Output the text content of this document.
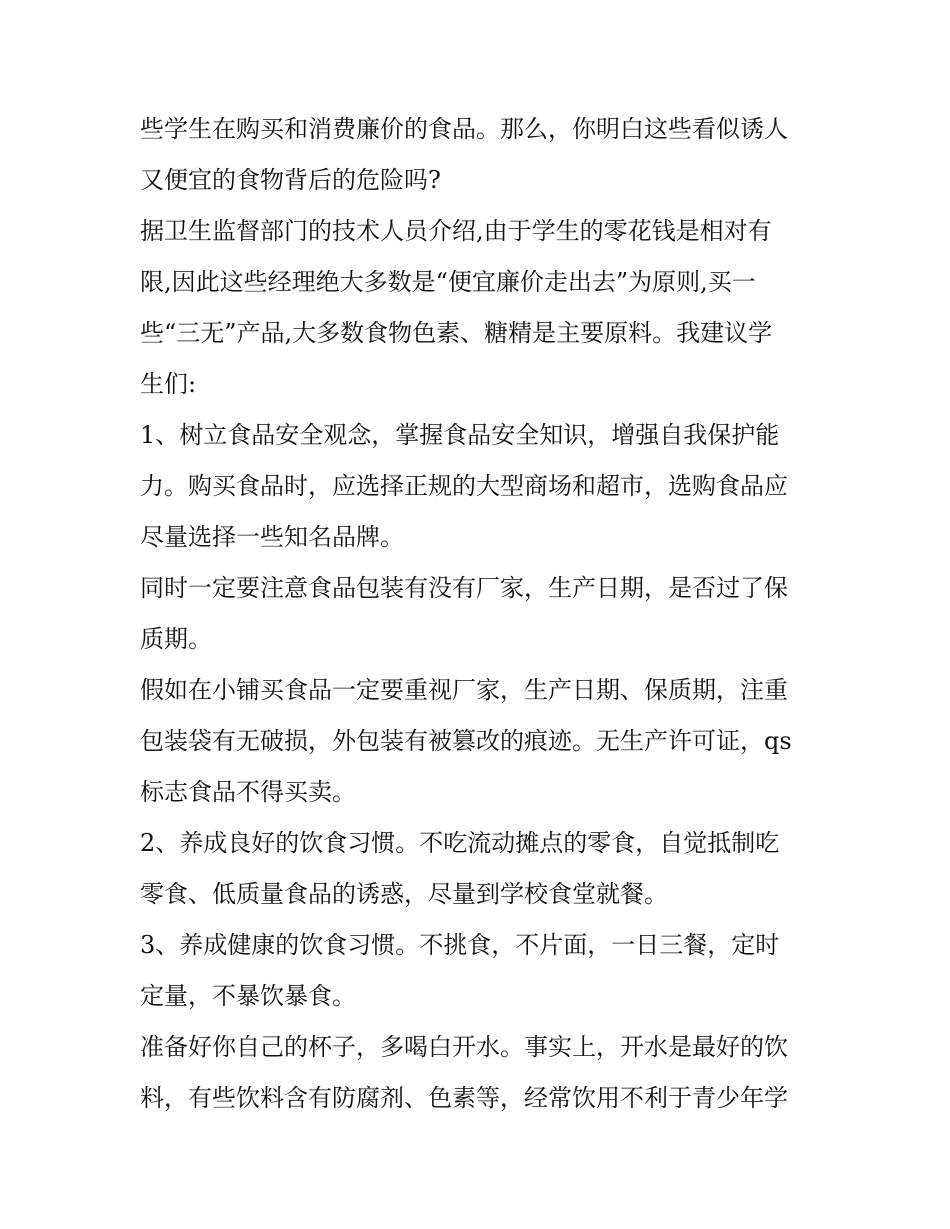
些学生在购买和消费廉价的食品。那么，你明白这些看似诱人
又便宜的食物背后的危险吗?
据卫生监督部门的技术人员介绍,由于学生的零花钱是相对有
限,因此这些经理绝大多数是“便宜廉价走出去”为原则,买一
些“三无”产品,大多数食物色素、糖精是主要原料。我建议学
生们:
1、树立食品安全观念，掌握食品安全知识，增强自我保护能
力。购买食品时，应选择正规的大型商场和超市，选购食品应
尽量选择一些知名品牌。
同时一定要注意食品包装有没有厂家，生产日期，是否过了保
质期。
假如在小铺买食品一定要重视厂家，生产日期、保质期，注重
包装袋有无破损，外包装有被篡改的痕迹。无生产许可证，qs
标志食品不得买卖。
2、养成良好的饮食习惯。不吃流动摊点的零食，自觉抵制吃
零食、低质量食品的诱惑，尽量到学校食堂就餐。
3、养成健康的饮食习惯。不挑食，不片面，一日三餐，定时
定量，不暴饮暴食。
准备好你自己的杯子，多喝白开水。事实上，开水是最好的饮
料，有些饮料含有防腐剂、色素等，经常饮用不利于青少年学
